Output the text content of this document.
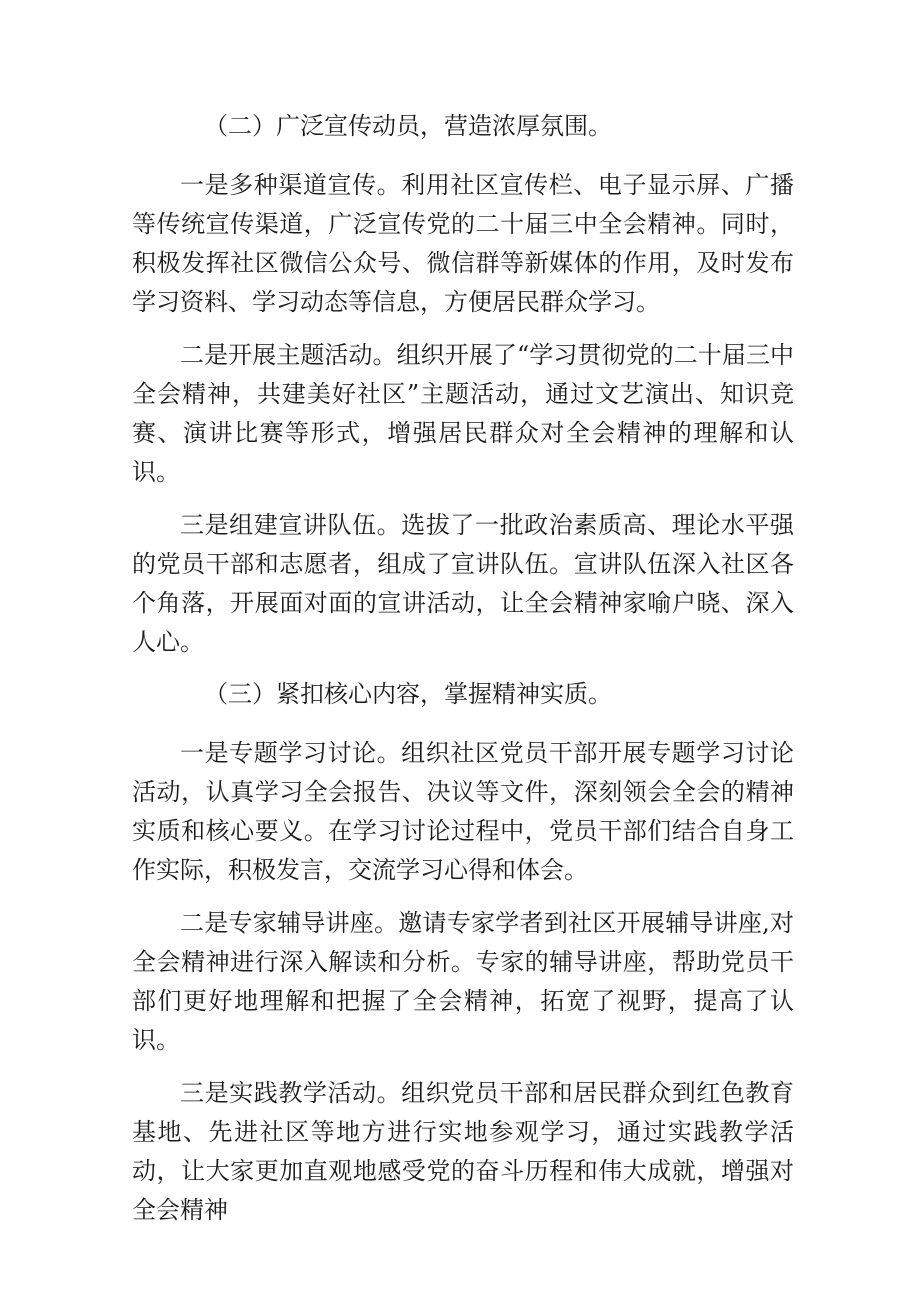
（二）广泛宣传动员，营造浓厚氛围。

一是多种渠道宣传。利用社区宣传栏、电子显示屏、广播等传统宣传渠道，广泛宣传党的二十届三中全会精神。同时，积极发挥社区微信公众号、微信群等新媒体的作用，及时发布学习资料、学习动态等信息，方便居民群众学习。

二是开展主题活动。组织开展了“学习贯彻党的二十届三中全会精神，共建美好社区”主题活动，通过文艺演出、知识竞赛、演讲比赛等形式，增强居民群众对全会精神的理解和认识。

三是组建宣讲队伍。选拔了一批政治素质高、理论水平强的党员干部和志愿者，组成了宣讲队伍。宣讲队伍深入社区各个角落，开展面对面的宣讲活动，让全会精神家喻户晓、深入人心。

（三）紧扣核心内容，掌握精神实质。

一是专题学习讨论。组织社区党员干部开展专题学习讨论活动，认真学习全会报告、决议等文件，深刻领会全会的精神实质和核心要义。在学习讨论过程中，党员干部们结合自身工作实际，积极发言，交流学习心得和体会。

二是专家辅导讲座。邀请专家学者到社区开展辅导讲座,对全会精神进行深入解读和分析。专家的辅导讲座，帮助党员干部们更好地理解和把握了全会精神，拓宽了视野，提高了认识。

三是实践教学活动。组织党员干部和居民群众到红色教育基地、先进社区等地方进行实地参观学习，通过实践教学活动，让大家更加直观地感受党的奋斗历程和伟大成就，增强对全会精神
